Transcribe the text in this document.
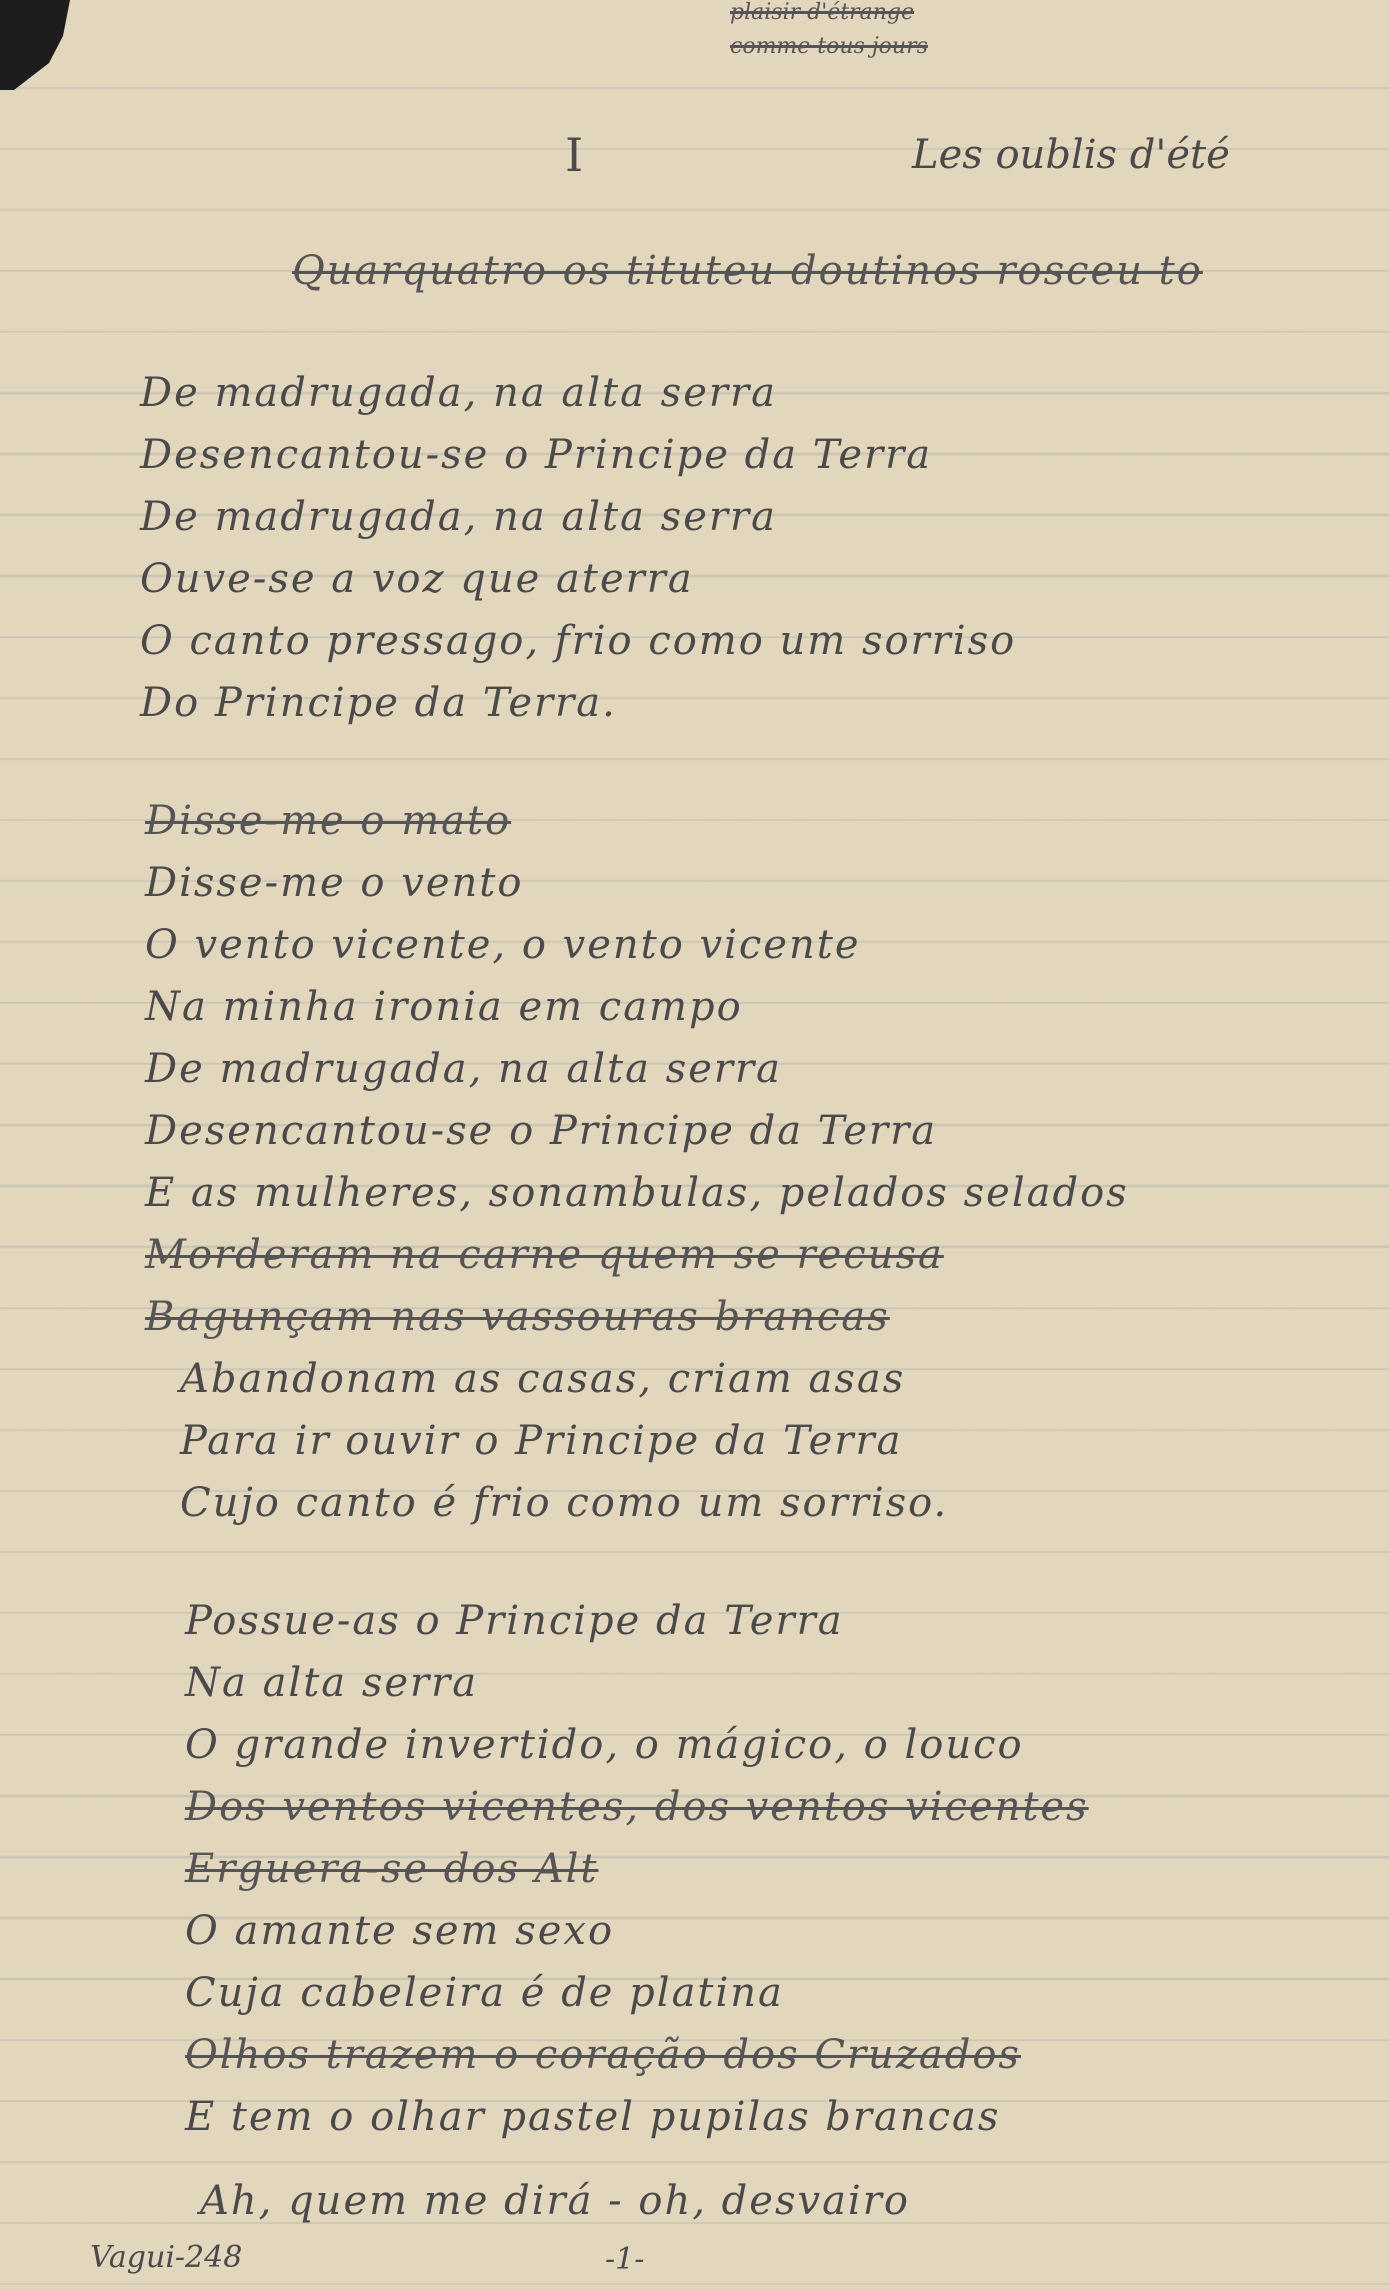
plaisir d'étrange
comme tous jours
I	Les oublis d'été
Quarquatro os tituteu doutinos rosceu to
De madrugada, na alta serra
Desencantou-se o Principe da Terra
De madrugada, na alta serra
Ouve-se a voz que aterra
O canto pressago, frio como um sorriso
Do Principe da Terra.
Disse-me o mato
Disse-me o vento
O vento vicente, o vento vicente
Na minha ironia em campo
De madrugada, na alta serra
Desencantou-se o Principe da Terra
E as mulheres, sonambulas, pelados selados
Morderam na carne quem se recusa
Bagunçam nas vassouras brancas
Abandonam as casas, criam asas
Para ir ouvir o Principe da Terra
Cujo canto é frio como um sorriso.
Possue-as o Principe da Terra
Na alta serra
O grande invertido, o mágico, o louco
Dos ventos vicentes, dos ventos vicentes
Erguera-se dos Alt
O amante sem sexo
Cuja cabeleira é de platina
Olhos trazem o coração dos Cruzados
E tem o olhar pastel pupilas brancas
Ah, quem me dirá - oh, desvairo
Vagui-248	-1-
